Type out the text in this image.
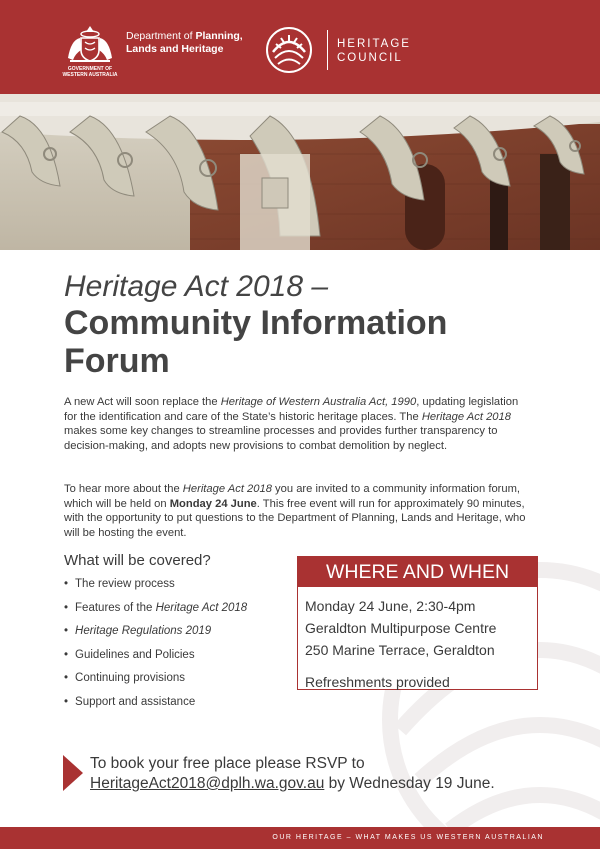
GOVERNMENT OF
WESTERN AUSTRALIA
Department of Planning,
Lands and Heritage	HERITAGE
COUNCIL
Heritage Act 2018 –
Community Information
Forum

A new Act will soon replace the Heritage of Western Australia Act, 1990, updating legislation for the identification and care of the State’s historic heritage places. The Heritage Act 2018 makes some key changes to streamline processes and provides further transparency to decision-making, and adopts new provisions to combat demolition by neglect.

To hear more about the Heritage Act 2018 you are invited to a community information forum, which will be held on Monday 24 June. This free event will run for approximately 90 minutes, with the opportunity to put questions to the Department of Planning, Lands and Heritage, who will be hosting the event.

What will be covered?
• The review process
• Features of the Heritage Act 2018
• Heritage Regulations 2019
• Guidelines and Policies
• Continuing provisions
• Support and assistance
WHERE AND WHEN
Monday 24 June, 2:30-4pm
Geraldton Multipurpose Centre
250 Marine Terrace, Geraldton
Refreshments provided
To book your free place please RSVP to
HeritageAct2018@dplh.wa.gov.au by Wednesday 19 June.
OUR HERITAGE – WHAT MAKES US WESTERN AUSTRALIAN
